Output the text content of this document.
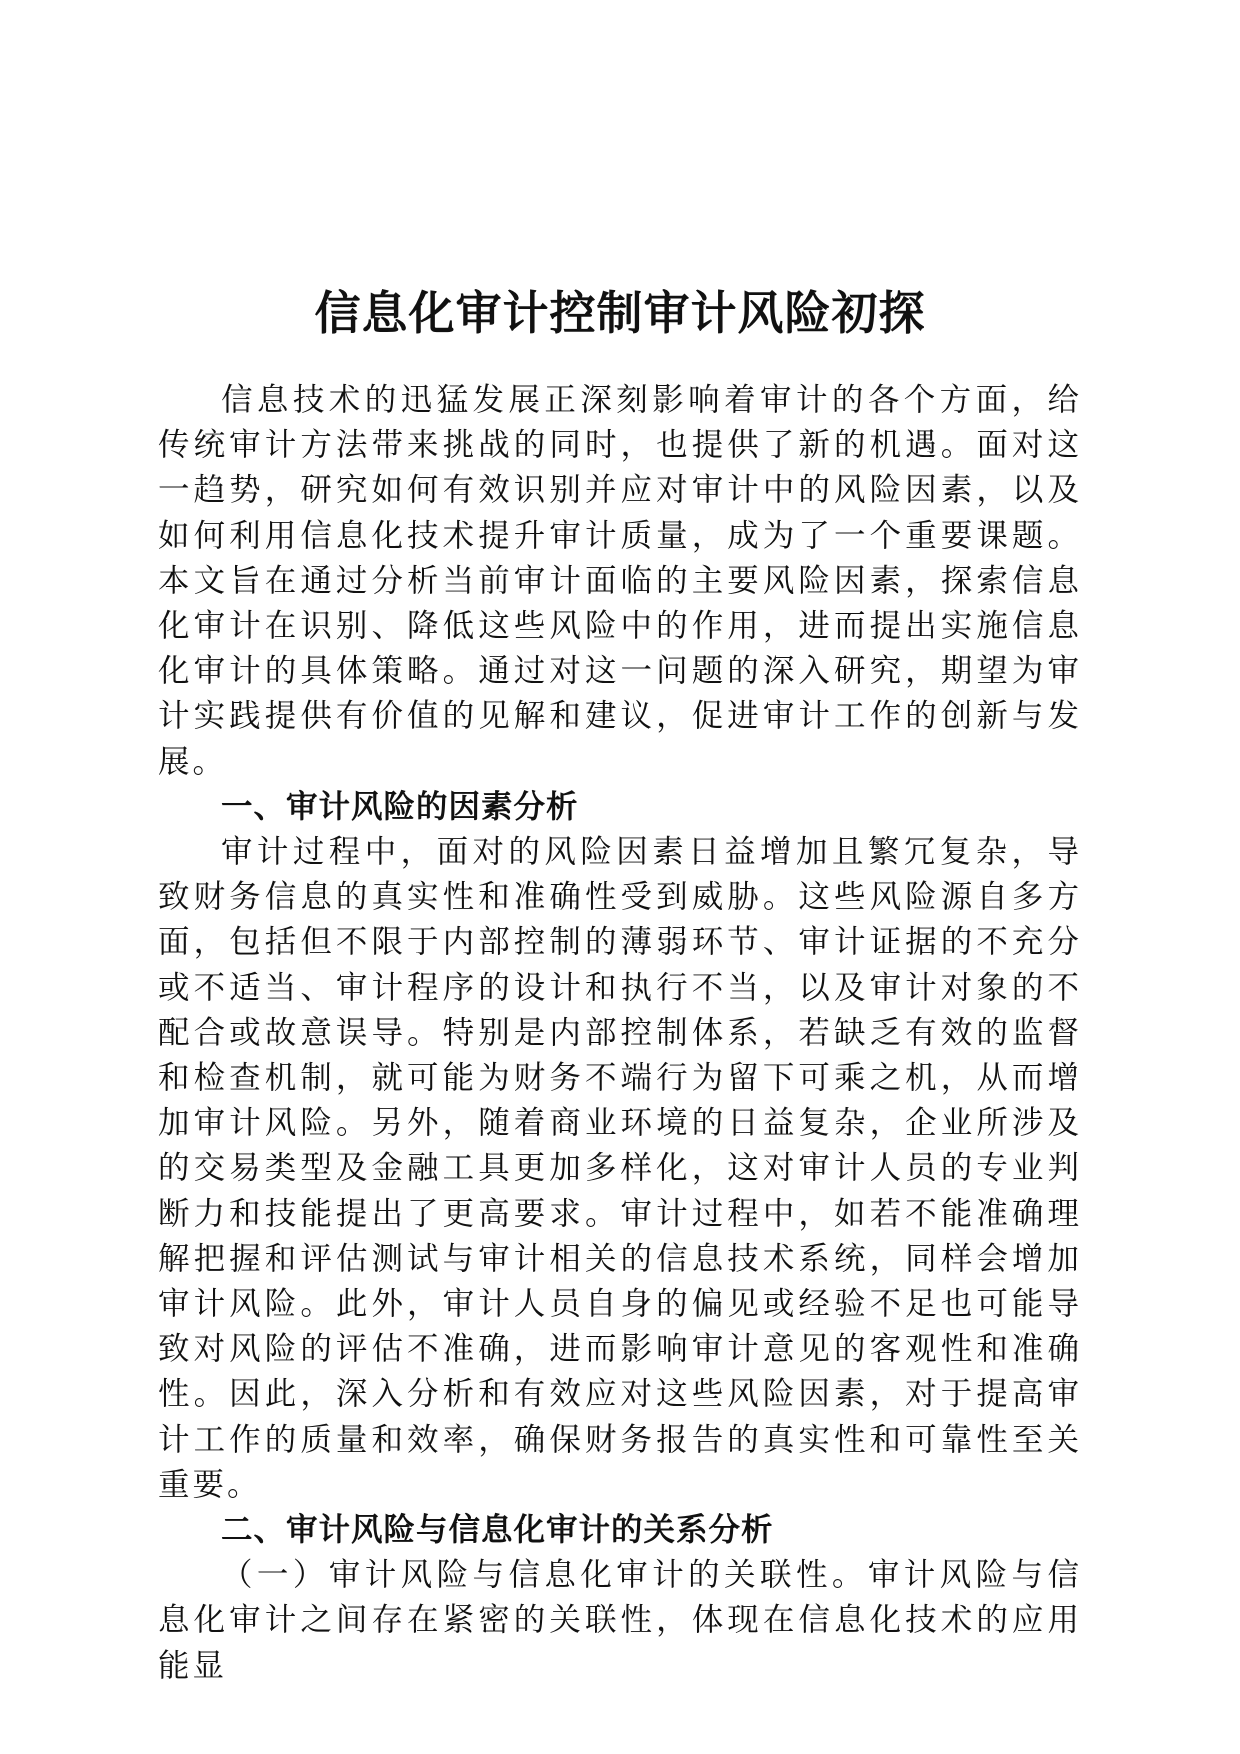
信息化审计控制审计风险初探

信息技术的迅猛发展正深刻影响着审计的各个方面，给传统审计方法带来挑战的同时，也提供了新的机遇。面对这一趋势，研究如何有效识别并应对审计中的风险因素，以及如何利用信息化技术提升审计质量，成为了一个重要课题。本文旨在通过分析当前审计面临的主要风险因素，探索信息化审计在识别、降低这些风险中的作用，进而提出实施信息化审计的具体策略。通过对这一问题的深入研究，期望为审计实践提供有价值的见解和建议，促进审计工作的创新与发展。

一、审计风险的因素分析

审计过程中，面对的风险因素日益增加且繁冗复杂，导致财务信息的真实性和准确性受到威胁。这些风险源自多方面，包括但不限于内部控制的薄弱环节、审计证据的不充分或不适当、审计程序的设计和执行不当，以及审计对象的不配合或故意误导。特别是内部控制体系，若缺乏有效的监督和检查机制，就可能为财务不端行为留下可乘之机，从而增加审计风险。另外，随着商业环境的日益复杂，企业所涉及的交易类型及金融工具更加多样化，这对审计人员的专业判断力和技能提出了更高要求。审计过程中，如若不能准确理解把握和评估测试与审计相关的信息技术系统，同样会增加审计风险。此外，审计人员自身的偏见或经验不足也可能导致对风险的评估不准确，进而影响审计意见的客观性和准确性。因此，深入分析和有效应对这些风险因素，对于提高审计工作的质量和效率，确保财务报告的真实性和可靠性至关重要。

二、审计风险与信息化审计的关系分析

（一）审计风险与信息化审计的关联性。审计风险与信息化审计之间存在紧密的关联性，体现在信息化技术的应用能显
